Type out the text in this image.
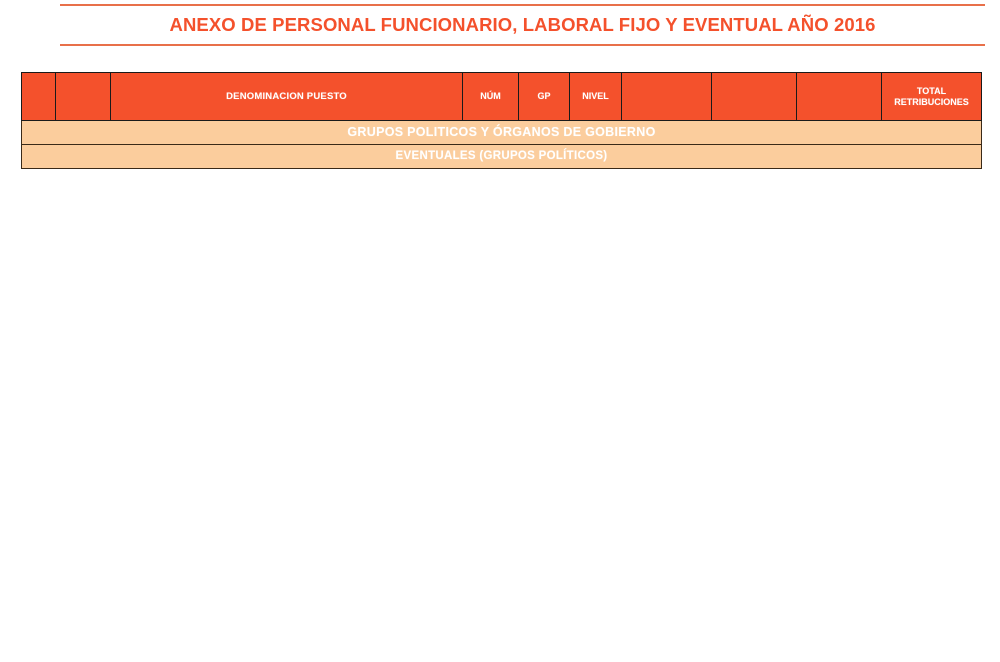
ANEXO DE PERSONAL FUNCIONARIO, LABORAL FIJO Y EVENTUAL AÑO 2016
		DENOMINACION PUESTO	NÚM	GP	NIVEL				TOTAL
RETRIBUCIONES
GRUPOS POLITICOS Y ÓRGANOS DE GOBIERNO
EVENTUALES (GRUPOS POLÍTICOS)
